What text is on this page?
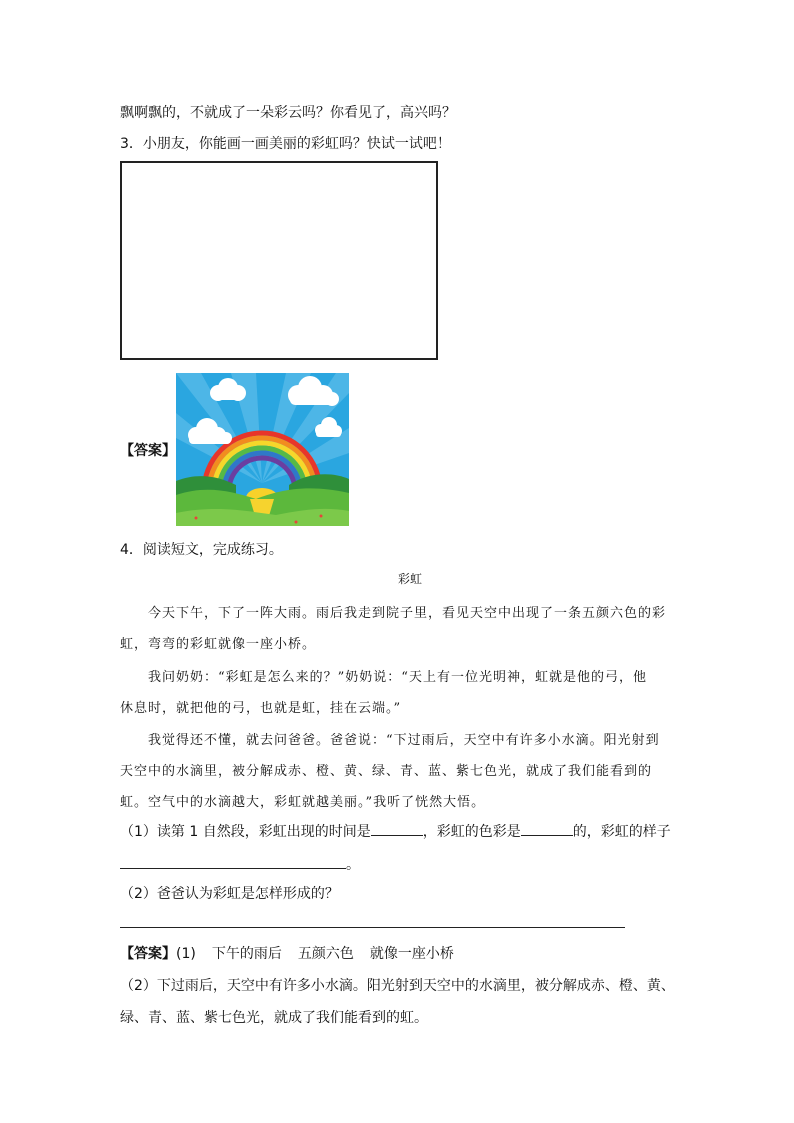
飘啊飘的，不就成了一朵彩云吗？你看见了，高兴吗？
3．小朋友，你能画一画美丽的彩虹吗？快试一试吧！
【答案】
4．阅读短文，完成练习。
彩虹
今天下午，下了一阵大雨。雨后我走到院子里，看见天空中出现了一条五颜六色的彩
虹，弯弯的彩虹就像一座小桥。
我问奶奶：“彩虹是怎么来的？”奶奶说：“天上有一位光明神，虹就是他的弓，他
休息时，就把他的弓，也就是虹，挂在云端。”
我觉得还不懂，就去问爸爸。爸爸说：“下过雨后，天空中有许多小水滴。阳光射到
天空中的水滴里，被分解成赤、橙、黄、绿、青、蓝、紫七色光，就成了我们能看到的
虹。空气中的水滴越大，彩虹就越美丽。”我听了恍然大悟。
（1）读第 1 自然段，彩虹出现的时间是	，彩虹的色彩是	的，彩虹的样子
。
（2）爸爸认为彩虹是怎样形成的？
【答案】(1) 下午的雨后 五颜六色 就像一座小桥
（2）下过雨后，天空中有许多小水滴。阳光射到天空中的水滴里，被分解成赤、橙、黄、
绿、青、蓝、紫七色光，就成了我们能看到的虹。
